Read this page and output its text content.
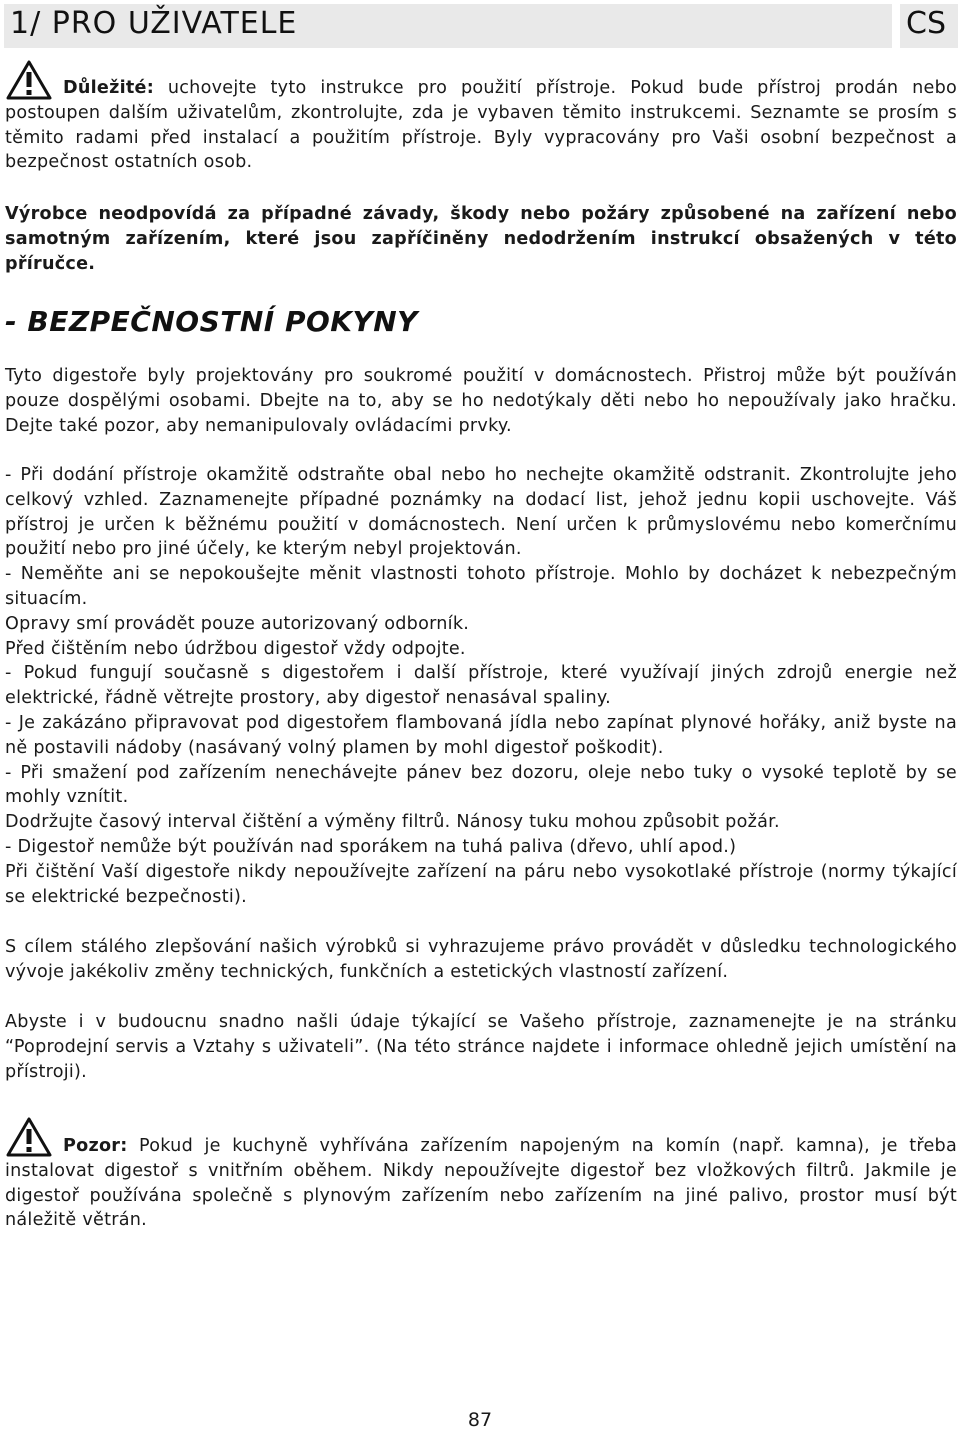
1/ PRO UŽIVATELE	CS

Důležité: uchovejte tyto instrukce pro použití přístroje. Pokud bude přístroj prodán nebo postoupen dalším uživatelům, zkontrolujte, zda je vybaven těmito instrukcemi. Seznamte se prosím s těmito radami před instalací a použitím přístroje. Byly vypracovány pro Vaši osobní bezpečnost a bezpečnost ostatních osob.

Výrobce neodpovídá za případné závady, škody nebo požáry způsobené na zařízení nebo samotným zařízením, které jsou zapříčiněny nedodržením instrukcí obsažených v této příručce.

- BEZPEČNOSTNÍ POKYNY

Tyto digestoře byly projektovány pro soukromé použití v domácnostech. Přistroj může být používán pouze dospělými osobami. Dbejte na to, aby se ho nedotýkaly děti nebo ho nepoužívaly jako hračku. Dejte také pozor, aby nemanipulovaly ovládacími prvky.

- Při dodání přístroje okamžitě odstraňte obal nebo ho nechejte okamžitě odstranit. Zkontrolujte jeho celkový vzhled. Zaznamenejte případné poznámky na dodací list, jehož jednu kopii uschovejte. Váš přístroj je určen k běžnému použití v domácnostech. Není určen k průmyslovému nebo komerčnímu použití nebo pro jiné účely, ke kterým nebyl projektován.
- Neměňte ani se nepokoušejte měnit vlastnosti tohoto přístroje. Mohlo by docházet k nebezpečným situacím.
Opravy smí provádět pouze autorizovaný odborník.
Před čištěním nebo údržbou digestoř vždy odpojte.
- Pokud fungují současně s digestořem i další přístroje, které využívají jiných zdrojů energie než elektrické, řádně větrejte prostory, aby digestoř nenasával spaliny.
- Je zakázáno připravovat pod digestořem flambovaná jídla nebo zapínat plynové hořáky, aniž byste na ně postavili nádoby (nasávaný volný plamen by mohl digestoř poškodit).
- Při smažení pod zařízením nenechávejte pánev bez dozoru, oleje nebo tuky o vysoké teplotě by se mohly vznítit.
Dodržujte časový interval čištění a výměny filtrů. Nánosy tuku mohou způsobit požár.
- Digestoř nemůže být používán nad sporákem na tuhá paliva (dřevo, uhlí apod.)
Při čištění Vaší digestoře nikdy nepoužívejte zařízení na páru nebo vysokotlaké přístroje (normy týkající se elektrické bezpečnosti).

S cílem stálého zlepšování našich výrobků si vyhrazujeme právo provádět v důsledku technologického vývoje jakékoliv změny technických, funkčních a estetických vlastností zařízení.

Abyste i v budoucnu snadno našli údaje týkající se Vašeho přístroje, zaznamenejte je na stránku “Poprodejní servis a Vztahy s uživateli”. (Na této stránce najdete i informace ohledně jejich umístění na přístroji).

Pozor: Pokud je kuchyně vyhřívána zařízením napojeným na komín (např. kamna), je třeba instalovat digestoř s vnitřním oběhem. Nikdy nepoužívejte digestoř bez vložkových filtrů. Jakmile je digestoř používána společně s plynovým zařízením nebo zařízením na jiné palivo, prostor musí být náležitě větrán.

87
